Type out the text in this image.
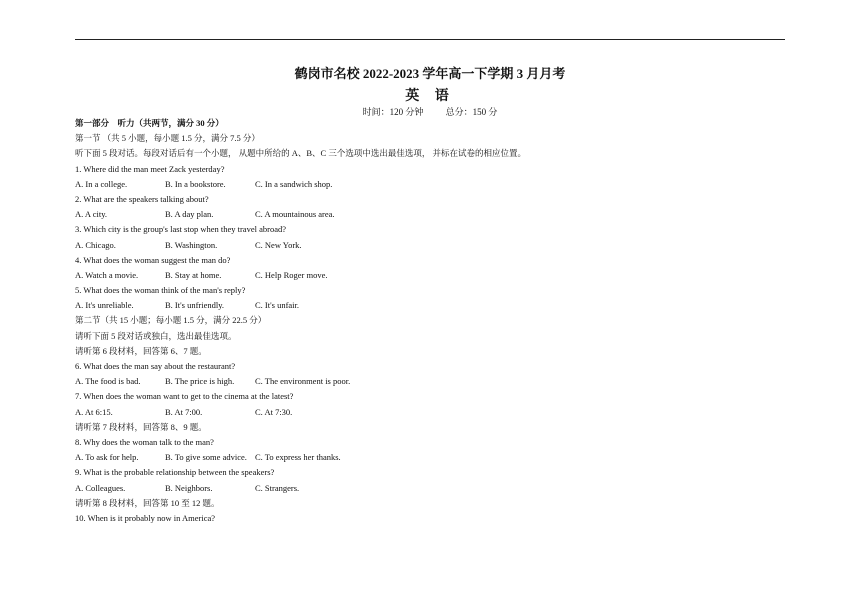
鹤岗市名校 2022-2023 学年高一下学期 3 月月考
英 语
时间：120 分钟 总分：150 分
第一部分　听力（共两节，满分 30 分）
第一节 （共 5 小题，每小题 1.5 分，满分 7.5 分）
听下面 5 段对话。每段对话后有一个小题， 从题中所给的 A、B、C 三个选项中选出最佳选项， 并标在试卷的相应位置。
1. Where did the man meet Zack yesterday?
A. In a college.	B. In a bookstore.	C. In a sandwich shop.
2. What are the speakers talking about?
A. A city.	B. A day plan.	C. A mountainous area.
3. Which city is the group's last stop when they travel abroad?
A. Chicago.	B. Washington.	C. New York.
4. What does the woman suggest the man do?
A. Watch a movie.	B. Stay at home.	C. Help Roger move.
5. What does the woman think of the man's reply?
A. It's unreliable.	B. It's unfriendly.	C. It's unfair.
第二节（共 15 小题；每小题 1.5 分，满分 22.5 分）
请听下面 5 段对话或独白，选出最佳选项。
请听第 6 段材料，回答第 6、7 题。
6. What does the man say about the restaurant?
A. The food is bad.	B. The price is high.	C. The environment is poor.
7. When does the woman want to get to the cinema at the latest?
A. At 6:15.	B. At 7:00.	C. At 7:30.
请听第 7 段材料，回答第 8、9 题。
8. Why does the woman talk to the man?
A. To ask for help.	B. To give some advice. C. To express her thanks.
9. What is the probable relationship between the speakers?
A. Colleagues.	B. Neighbors.	C. Strangers.
请听第 8 段材料，回答第 10 至 12 题。
10. When is it probably now in America?
